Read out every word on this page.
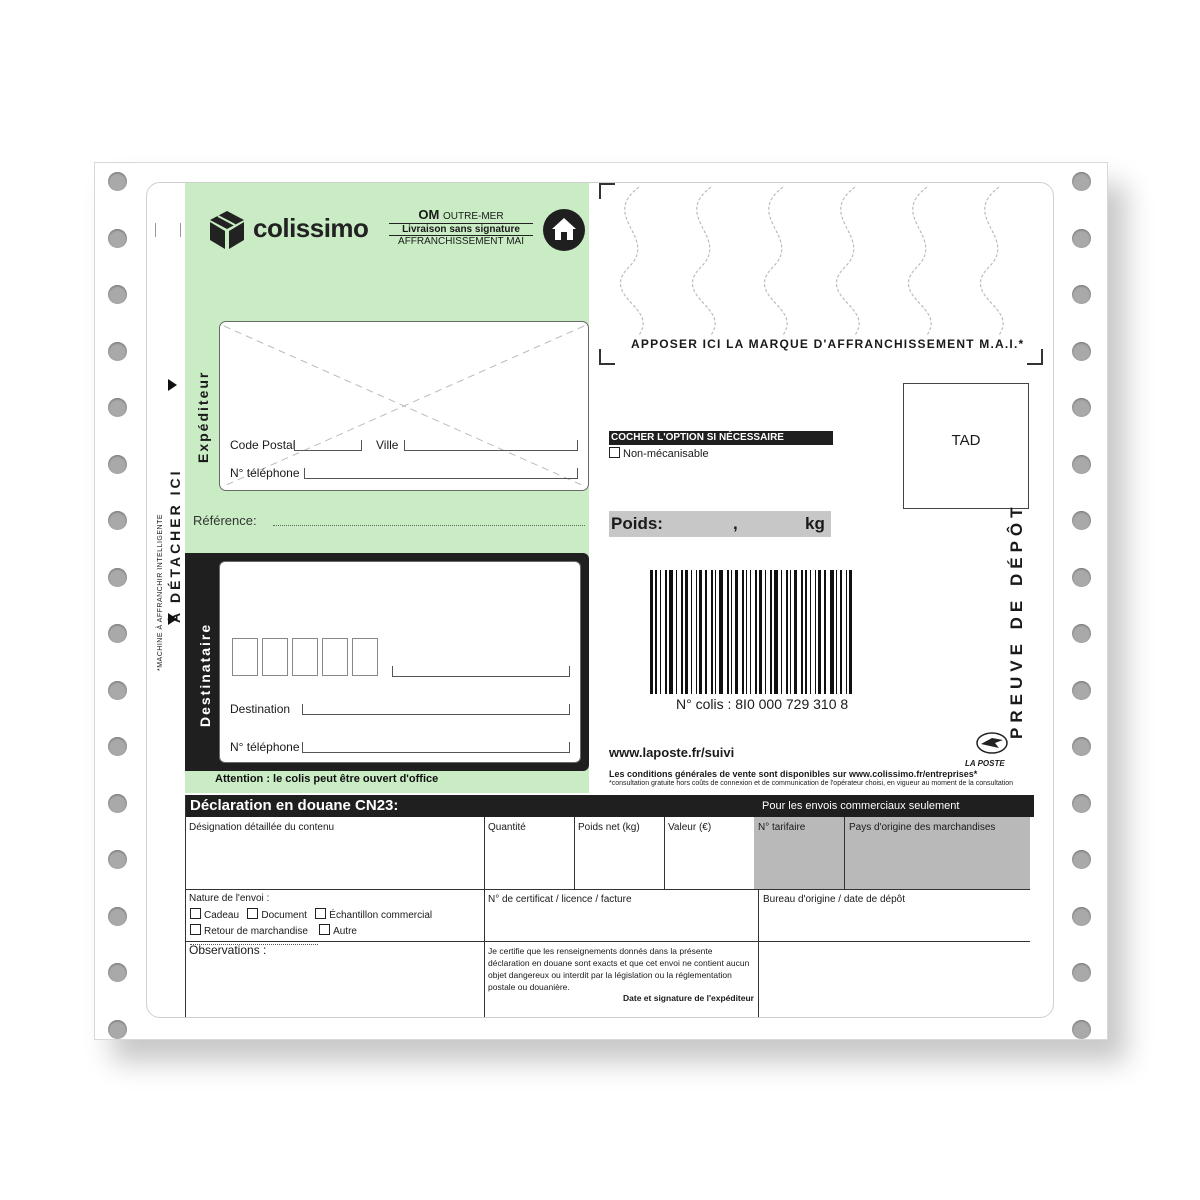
*MACHINE À AFFRANCHIR INTELLIGENTE À DÉTACHER ICI
colissimo	OM OUTRE-MER
Livraison sans signature
AFFRANCHISSEMENT MAI
Expéditeur Code Postal	Ville
N° téléphone
Référence:
Destinataire Destination
N° téléphone
Attention : le colis peut être ouvert d'office
APPOSER ICI LA MARQUE D'AFFRANCHISSEMENT M.A.I.*
COCHER L'OPTION SI NÉCESSAIRE
Non-mécanisable
TAD
Poids:	,	kg	PREUVE DE DÉPÔT
www.laposte.fr/suivi
LA POSTE
Les conditions générales de vente sont disponibles sur www.colissimo.fr/entreprises*
*consultation gratuite hors coûts de connexion et de communication de l'opérateur choisi, en vigueur au moment de la consultation
Déclaration en douane CN23:	Pour les envois commerciaux seulement
Désignation détaillée du contenu	Quantité	Poids net (kg)	Valeur (€)	N° tarifaire	Pays d'origine des marchandises
Nature de l'envoi :
Cadeau Document Échantillon commercial
Retour de marchandise	Autre
N° de certificat / licence / facture	Bureau d'origine / date de dépôt
Observations :	Je certifie que les renseignements donnés dans la présente déclaration en douane sont exacts et que cet envoi ne contient aucun objet dangereux ou interdit par la législation ou la réglementation postale ou douanière.
Date et signature de l'expéditeur
N° colis : 8I0 000 729 310 8
